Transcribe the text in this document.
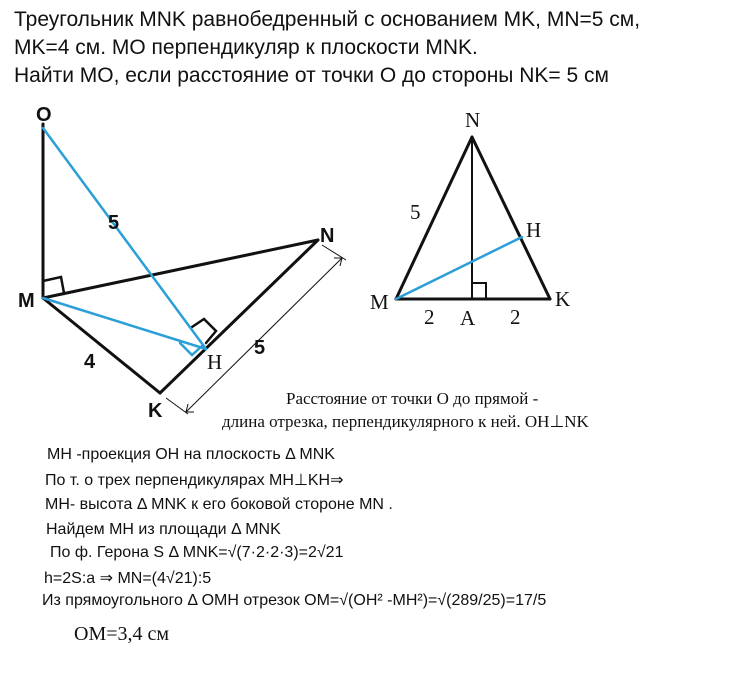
Треугольник MNK равнобедренный с основанием MK, MN=5 см,
MK=4 см. MO перпендикуляр к плоскости MNK.
Найти MO, если расстояние от точки O до стороны NK= 5 см
O
M
N
K
H
5
4
5
N
M	K
H
A
5
2	2
Расстояние от точки O до прямой -
длина отрезка, перпендикулярного к ней. OH⊥NK
MH -проекция OH на плоскость Δ MNK
По т. о трех перпендикулярах MH⊥KH⇒
MH- высота Δ MNK к его боковой стороне MN .
Найдем MH из площади Δ MNK
По ф. Герона S Δ MNK=√(7·2·2·3)=2√21
h=2S:a ⇒ MN=(4√21):5
Из прямоугольного Δ OMH отрезок OM=√(OH² -MH²)=√(289/25)=17/5
OM=3,4 см
